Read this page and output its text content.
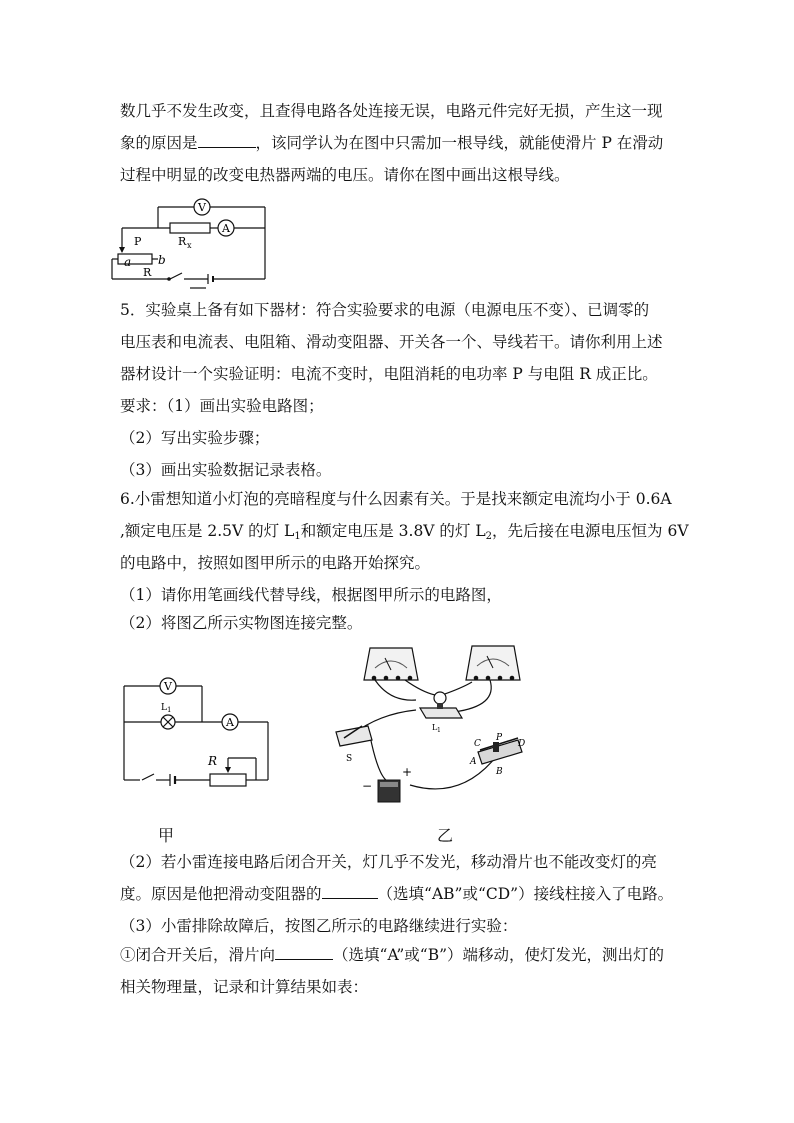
数几乎不发生改变，且查得电路各处连接无误，电路元件完好无损，产生这一现
象的原因是	，该同学认为在图中只需加一根导线，就能使滑片 P 在滑动
过程中明显的改变电热器两端的电压。请你在图中画出这根导线。
V
A
R x
P
R
a b
5．实验桌上备有如下器材：符合实验要求的电源（电源电压不变）、已调零的
电压表和电流表、电阻箱、滑动变阻器、开关各一个、导线若干。请你利用上述
器材设计一个实验证明：电流不变时，电阻消耗的电功率 P 与电阻 R 成正比。
要求：（1）画出实验电路图；
（2）写出实验步骤；
（3）画出实验数据记录表格。
6.小雷想知道小灯泡的亮暗程度与什么因素有关。于是找来额定电流均小于 0.6A
,额定电压是 2.5V 的灯 $L_1$和额定电压是 3.8V 的灯 $L_2$，先后接在电源电压恒为 6V
的电路中，按照如图甲所示的电路开始探究。
（1）请你用笔画线代替导线，根据图甲所示的电路图，
（2）将图乙所示实物图连接完整。
V
A
L 1
R
L 1
S
−
+
C
P
D
A
B
甲	乙
（2）若小雷连接电路后闭合开关，灯几乎不发光，移动滑片也不能改变灯的亮
度。原因是他把滑动变阻器的	（选填“AB”或“CD”）接线柱接入了电路。
（3）小雷排除故障后，按图乙所示的电路继续进行实验：
①闭合开关后，滑片向	（选填“A”或“B”）端移动，使灯发光，测出灯的
相关物理量，记录和计算结果如表：
